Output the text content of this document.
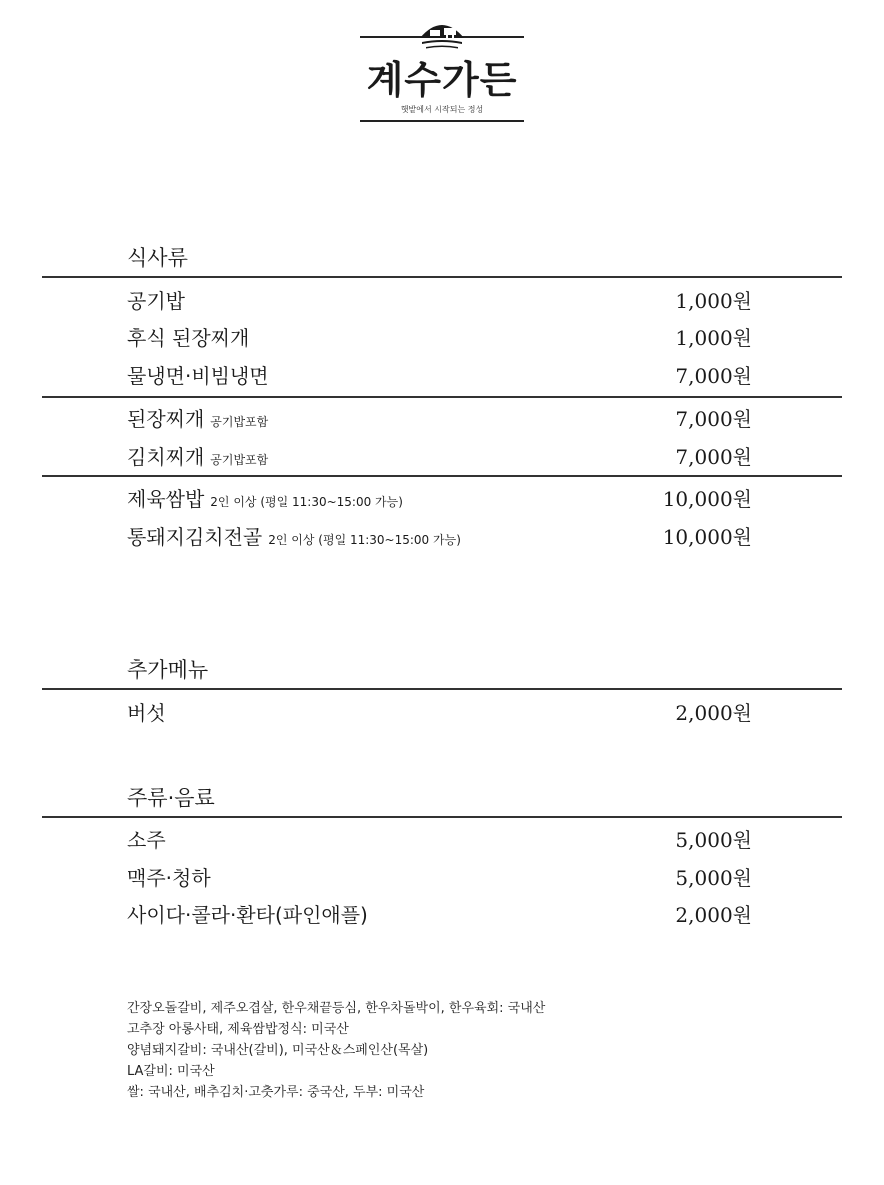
계수가든
햇밭에서 시작되는 정성
식사류
공기밥	1,000원
후식 된장찌개	1,000원
물냉면·비빔냉면	7,000원
된장찌개 공기밥포함	7,000원
김치찌개 공기밥포함	7,000원
제육쌈밥 2인 이상 (평일 11:30~15:00 가능)	10,000원
통돼지김치전골 2인 이상 (평일 11:30~15:00 가능)	10,000원
추가메뉴
버섯	2,000원
주류·음료
소주	5,000원
맥주·청하	5,000원
사이다·콜라·환타(파인애플)	2,000원
간장오돌갈비, 제주오겹살, 한우채끝등심, 한우차돌박이, 한우육회: 국내산
고추장 아롱사태, 제육쌈밥정식: 미국산
양념돼지갈비: 국내산(갈비), 미국산＆스페인산(목살)
LA갈비: 미국산
쌀: 국내산, 배추김치·고춧가루: 중국산, 두부: 미국산
